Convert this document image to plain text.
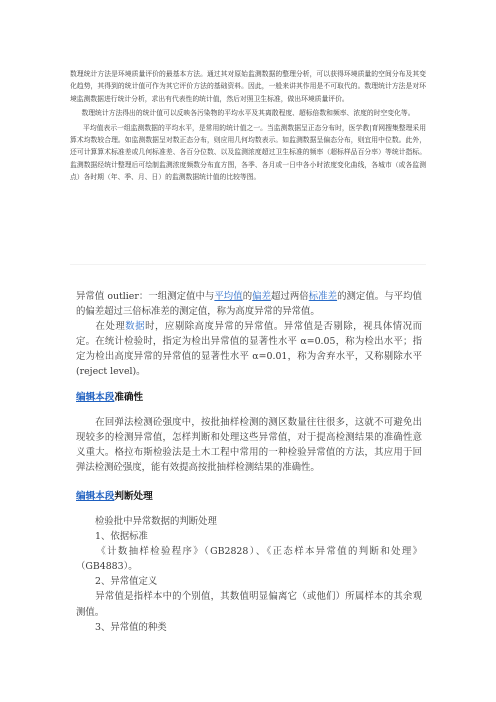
数理统计方法是环境质量评价的最基本方法。通过其对原始监测数据的整理分析，可以获得环境质量的空间分布及其变化趋势，其得到的统计值可作为其它评价方法的基础资料。因此，一般来讲其作用是不可取代的。数理统计方法是对环境监测数据进行统计分析，求出有代表性的统计值，然后对照卫生标准，做出环境质量评价。

数理统计方法得出的统计值可以反映各污染物的平均水平及其离散程度、超标倍数和频率、浓度的时空变化等。

平均值表示一组监测数据的平均水平，是常用的统计值之一。当监测数据呈正态分布时，医学教|育网搜集整理采用算术均数较合理。如监测数据呈对数正态分布，则应用几何均数表示。如监测数据呈偏态分布，则宜用中位数。此外，还可计算算术标准差或几何标准差、各百分位数、以及监测浓度超过卫生标准的频率（超标样品百分率）等统计指标。监测数据经统计整理后可绘制监测浓度频数分布直方图，各季、各月或一日中各小时浓度变化曲线，各城市（或各监测点）各时期（年、季、月、日）的监测数据统计值的比较等图。

异常值 outlier：一组测定值中与平均值的偏差超过两倍标准差的测定值。与平均值的偏差超过三倍标准差的测定值，称为高度异常的异常值。

在处理数据时，应剔除高度异常的异常值。异常值是否剔除，视具体情况而定。在统计检验时，指定为检出异常值的显著性水平 α=0.05，称为检出水平；指定为检出高度异常的异常值的显著性水平 α=0.01，称为舍弃水平，又称剔除水平(reject level)。

编辑本段准确性

在回弹法检测砼强度中，按批抽样检测的测区数量往往很多，这就不可避免出现较多的检测异常值，怎样判断和处理这些异常值，对于提高检测结果的准确性意义重大。格拉布斯检验法是土木工程中常用的一种检验异常值的方法，其应用于回弹法检测砼强度，能有效提高按批抽样检测结果的准确性。

编辑本段判断处理

检验批中异常数据的判断处理

1、依据标准

《计数抽样检验程序》（GB2828）、《正态样本异常值的判断和处理》（GB4883）。

2、异常值定义

异常值是指样本中的个别值，其数值明显偏离它（或他们）所属样本的其余观测值。

3、异常值的种类
